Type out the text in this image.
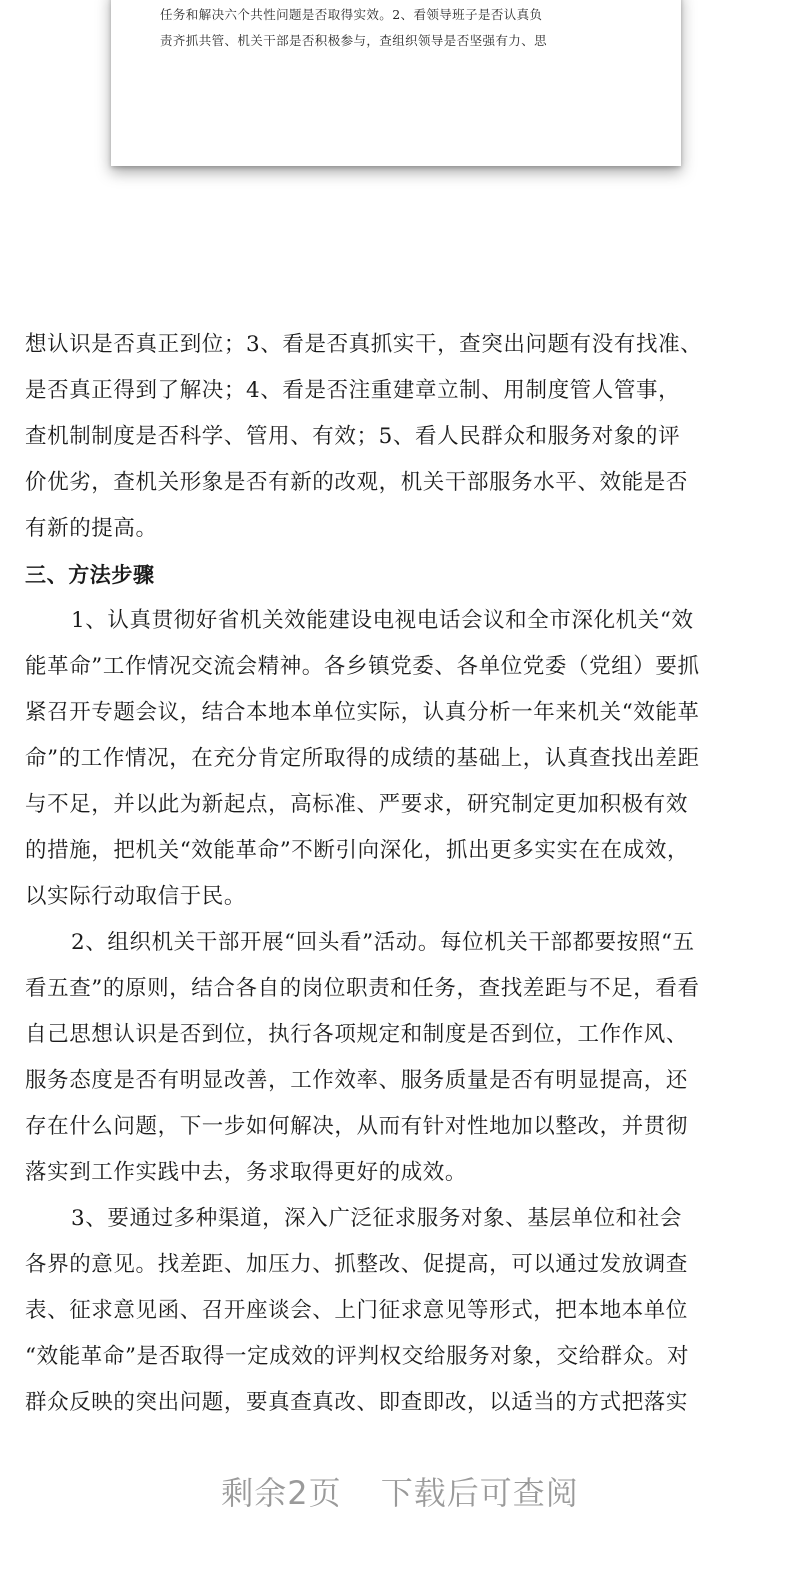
任务和解决六个共性问题是否取得实效。2、看领导班子是否认真负
责齐抓共管、机关干部是否积极参与，查组织领导是否坚强有力、思
想认识是否真正到位；3、看是否真抓实干，查突出问题有没有找准、
是否真正得到了解决；4、看是否注重建章立制、用制度管人管事，
查机制制度是否科学、管用、有效；5、看人民群众和服务对象的评
价优劣，查机关形象是否有新的改观，机关干部服务水平、效能是否
有新的提高。
三、方法步骤
1、认真贯彻好省机关效能建设电视电话会议和全市深化机关“效
能革命”工作情况交流会精神。各乡镇党委、各单位党委（党组）要抓
紧召开专题会议，结合本地本单位实际，认真分析一年来机关“效能革
命”的工作情况，在充分肯定所取得的成绩的基础上，认真查找出差距
与不足，并以此为新起点，高标准、严要求，研究制定更加积极有效
的措施，把机关“效能革命”不断引向深化，抓出更多实实在在成效，
以实际行动取信于民。
2、组织机关干部开展“回头看”活动。每位机关干部都要按照“五
看五查”的原则，结合各自的岗位职责和任务，查找差距与不足，看看
自己思想认识是否到位，执行各项规定和制度是否到位，工作作风、
服务态度是否有明显改善，工作效率、服务质量是否有明显提高，还
存在什么问题，下一步如何解决，从而有针对性地加以整改，并贯彻
落实到工作实践中去，务求取得更好的成效。
3、要通过多种渠道，深入广泛征求服务对象、基层单位和社会
各界的意见。找差距、加压力、抓整改、促提高，可以通过发放调查
表、征求意见函、召开座谈会、上门征求意见等形式，把本地本单位
“效能革命”是否取得一定成效的评判权交给服务对象，交给群众。对
群众反映的突出问题，要真查真改、即查即改，以适当的方式把落实
剩余2页 下载后可查阅
